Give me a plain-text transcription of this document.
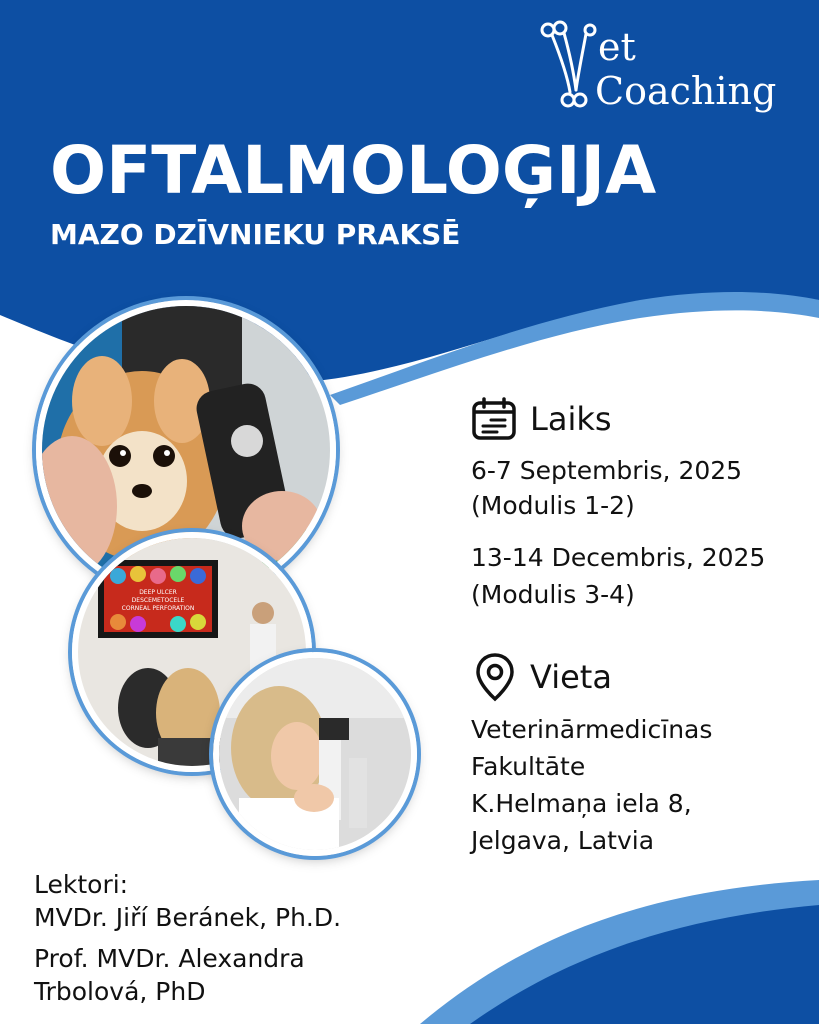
et
Coaching
OFTALMOLOĢIJA
MAZO DZĪVNIEKU PRAKSĒ
DEEP ULCER
DESCEMETOCELE
CORNEAL PERFORATION
Laiks

6-7 Septembris, 2025

(Modulis 1-2)

13-14 Decembris, 2025

(Modulis 3-4)

Vieta

Veterinārmedicīnas

Fakultāte

K.Helmaņa iela 8,

Jelgava, Latvia

Lektori:
MVDr. Jiří Beránek, Ph.D.
Prof. MVDr. Alexandra
Trbolová, PhD
